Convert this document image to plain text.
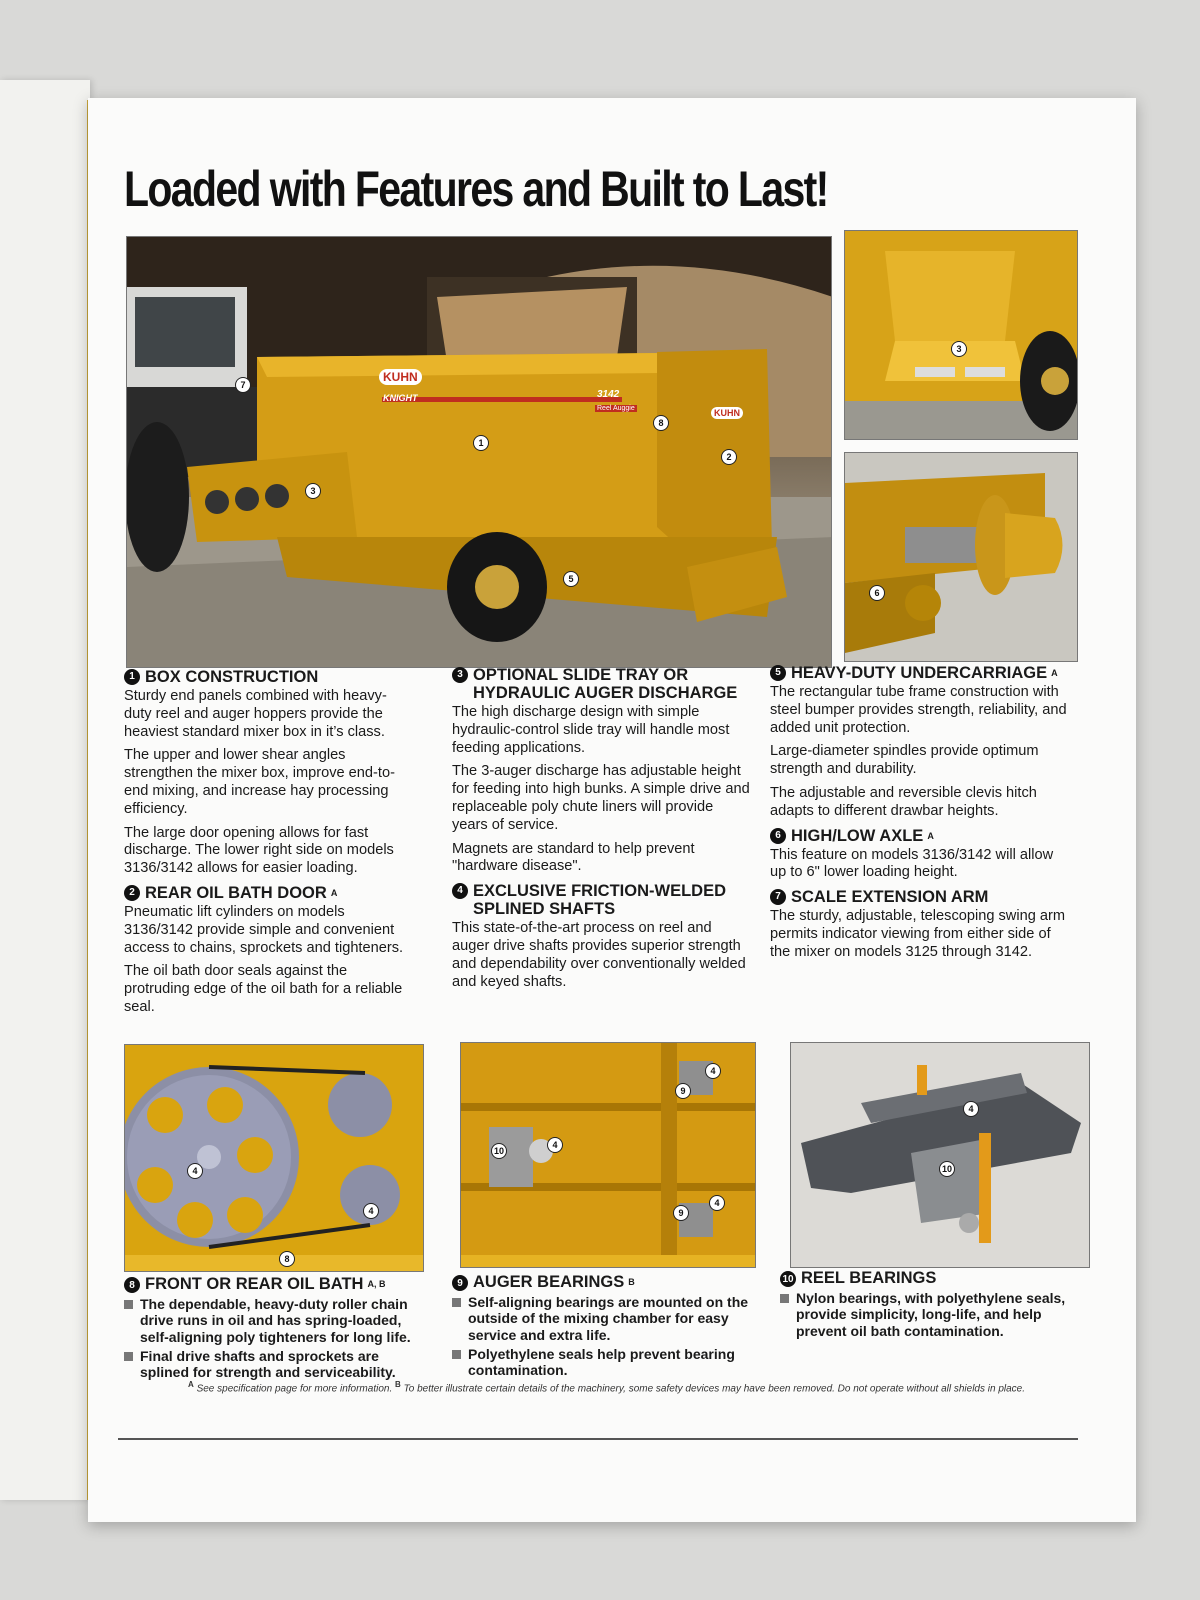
Loaded with Features and Built to Last!
1
2
3
5
7
8
KUHN
KNIGHT	3142
Reel Auggie	KUHN
3
6
1 BOX CONSTRUCTION

Sturdy end panels combined with heavy-duty reel and auger hoppers provide the heaviest standard mixer box in it’s class.

The upper and lower shear angles strengthen the mixer box, improve end-to-end mixing, and increase hay processing efficiency.

The large door opening allows for fast discharge. The lower right side on models 3136/3142 allows for easier loading.

2 REAR OIL BATH DOOR A

Pneumatic lift cylinders on models 3136/3142 provide simple and convenient access to chains, sprockets and tighteners.

The oil bath door seals against the protruding edge of the oil bath for a reliable seal.

3 OPTIONAL SLIDE TRAY OR HYDRAULIC AUGER DISCHARGE

The high discharge design with simple hydraulic-control slide tray will handle most feeding applications.

The 3-auger discharge has adjustable height for feeding into high bunks. A simple drive and replaceable poly chute liners will provide years of service.

Magnets are standard to help prevent "hardware disease".

4 EXCLUSIVE FRICTION-WELDED SPLINED SHAFTS

This state-of-the-art process on reel and auger drive shafts provides superior strength and dependability over conventionally welded and keyed shafts.

5 HEAVY-DUTY UNDERCARRIAGE A

The rectangular tube frame construction with steel bumper provides strength, reliability, and added unit protection.

Large-diameter spindles provide optimum strength and durability.

The adjustable and reversible clevis hitch adapts to different drawbar heights.

6 HIGH/LOW AXLE A

This feature on models 3136/3142 will allow up to 6" lower loading height.

7 SCALE EXTENSION ARM

The sturdy, adjustable, telescoping swing arm permits indicator viewing from either side of the mixer on models 3125 through 3142.

4
4
8
10
4
4
9
4
9
4
10
8 FRONT OR REAR OIL BATH A, B
The dependable, heavy-duty roller chain drive runs in oil and has spring-loaded, self-aligning poly tighteners for long life.
Final drive shafts and sprockets are splined for strength and serviceability.
9 AUGER BEARINGS B
Self-aligning bearings are mounted on the outside of the mixing chamber for easy service and extra life.
Polyethylene seals help prevent bearing contamination.
10 REEL BEARINGS
Nylon bearings, with polyethylene seals, provide simplicity, long-life, and help prevent oil bath contamination.
$^A$ See specification page for more information. $^B$ To better illustrate certain details of the machinery, some safety devices may have been removed. Do not operate without all shields in place.
